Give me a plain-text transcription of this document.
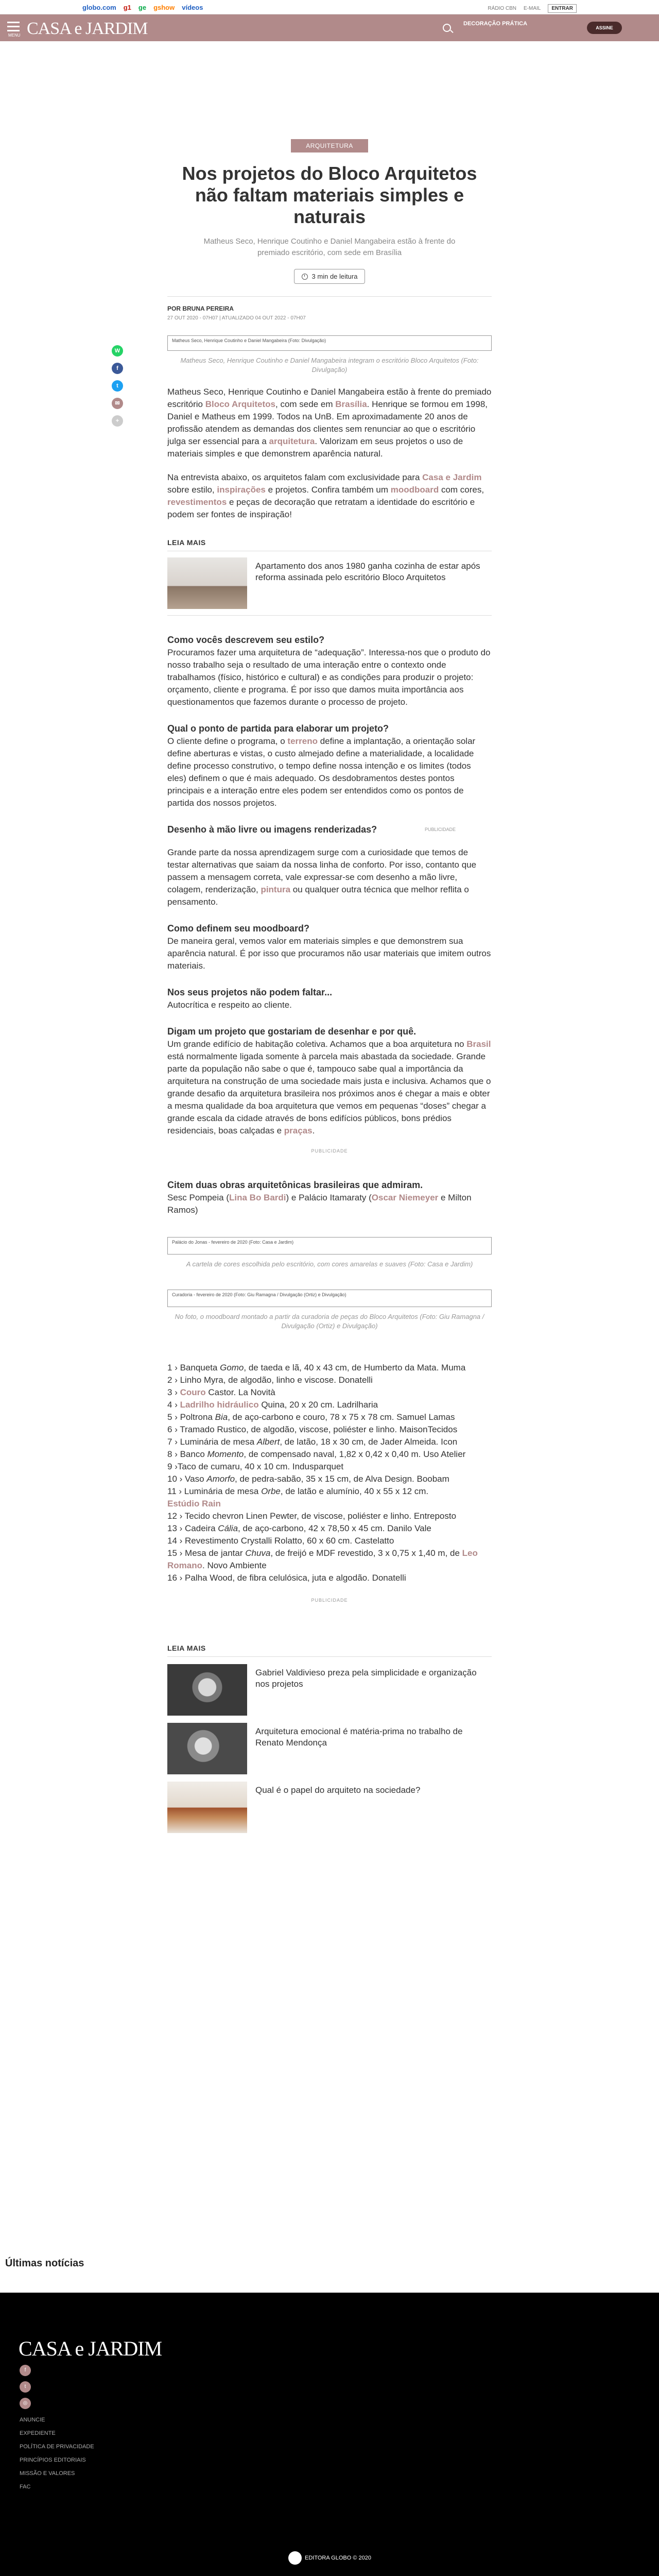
globo.com g1 ge gshow vídeos	RÁDIO CBN E-MAIL	ENTRAR
MENU CASA e JARDIM	DECORAÇÃO PRÁTICA
ASSINE
W
f
t
✉
+
ARQUITETURA
Nos projetos do Bloco Arquitetos não faltam materiais simples e naturais

Matheus Seco, Henrique Coutinho e Daniel Mangabeira estão à frente do premiado escritório, com sede em Brasília

3 min de leitura
POR BRUNA PEREIRA
27 OUT 2020 - 07H07 | ATUALIZADO 04 OUT 2022 - 07H07
Matheus Seco, Henrique Coutinho e Daniel Mangabeira (Foto: Divulgação)
Matheus Seco, Henrique Coutinho e Daniel Mangabeira integram o escritório Bloco Arquitetos (Foto: Divulgação)

Matheus Seco, Henrique Coutinho e Daniel Mangabeira estão à frente do premiado escritório Bloco Arquitetos, com sede em Brasília. Henrique se formou em 1998, Daniel e Matheus em 1999. Todos na UnB. Em aproximadamente 20 anos de profissão atendem as demandas dos clientes sem renunciar ao que o escritório julga ser essencial para a arquitetura. Valorizam em seus projetos o uso de materiais simples e que demonstrem aparência natural.

Na entrevista abaixo, os arquitetos falam com exclusividade para Casa e Jardim sobre estilo, inspirações e projetos. Confira também um moodboard com cores, revestimentos e peças de decoração que retratam a identidade do escritório e podem ser fontes de inspiração!

LEIA MAIS
Apartamento dos anos 1980 ganha cozinha de estar após reforma assinada pelo escritório Bloco Arquitetos
Como vocês descrevem seu estilo?

Procuramos fazer uma arquitetura de “adequação”. Interessa-nos que o produto do nosso trabalho seja o resultado de uma interação entre o contexto onde trabalhamos (físico, histórico e cultural) e as condições para produzir o projeto: orçamento, cliente e programa. É por isso que damos muita importância aos questionamentos que fazemos durante o processo de projeto.

Qual o ponto de partida para elaborar um projeto?

O cliente define o programa, o terreno define a implantação, a orientação solar define aberturas e vistas, o custo almejado define a materialidade, a localidade define processo construtivo, o tempo define nossa intenção e os limites (todos eles) definem o que é mais adequado. Os desdobramentos destes pontos principais e a interação entre eles podem ser entendidos como os pontos de partida dos nossos projetos.

Desenho à mão livre ou imagens renderizadas?	PUBLICIDADE

Grande parte da nossa aprendizagem surge com a curiosidade que temos de testar alternativas que saiam da nossa linha de conforto. Por isso, contanto que passem a mensagem correta, vale expressar-se com desenho a mão livre, colagem, renderização, pintura ou qualquer outra técnica que melhor reflita o pensamento.

Como definem seu moodboard?

De maneira geral, vemos valor em materiais simples e que demonstrem sua aparência natural. É por isso que procuramos não usar materiais que imitem outros materiais.

Nos seus projetos não podem faltar...

Autocrítica e respeito ao cliente.

Digam um projeto que gostariam de desenhar e por quê.

Um grande edifício de habitação coletiva. Achamos que a boa arquitetura no Brasil está normalmente ligada somente à parcela mais abastada da sociedade. Grande parte da população não sabe o que é, tampouco sabe qual a importância da arquitetura na construção de uma sociedade mais justa e inclusiva. Achamos que o grande desafio da arquitetura brasileira nos próximos anos é chegar a mais e obter a mesma qualidade da boa arquitetura que vemos em pequenas “doses” chegar a grande escala da cidade através de bons edifícios públicos, bons prédios residenciais, boas calçadas e praças.

PUBLICIDADE
Citem duas obras arquitetônicas brasileiras que admiram.

Sesc Pompeia (Lina Bo Bardi) e Palácio Itamaraty (Oscar Niemeyer e Milton Ramos)

Palácio do Jonas - fevereiro de 2020 (Foto: Casa e Jardim)
A cartela de cores escolhida pelo escritório, com cores amarelas e suaves (Foto: Casa e Jardim)
Curadoria - fevereiro de 2020 (Foto: Giu Ramagna / Divulgação (Ortiz) e Divulgação)
No foto, o moodboard montado a partir da curadoria de peças do Bloco Arquitetos (Foto: Giu Ramagna / Divulgação (Ortiz) e Divulgação)
1 › Banqueta Gomo, de taeda e lã, 40 x 43 cm, de Humberto da Mata. Muma
2 › Linho Myra, de algodão, linho e viscose. Donatelli
3 › Couro Castor. La Novità
4 › Ladrilho hidráulico Quina, 20 x 20 cm. Ladrilharia
5 › Poltrona Bia, de aço-carbono e couro, 78 x 75 x 78 cm. Samuel Lamas
6 › Tramado Rustico, de algodão, viscose, poliéster e linho. MaisonTecidos
7 › Luminária de mesa Albert, de latão, 18 x 30 cm, de Jader Almeida. Icon
8 › Banco Momento, de compensado naval, 1,82 x 0,42 x 0,40 m. Uso Atelier
9 ›Taco de cumaru, 40 x 10 cm. Indusparquet
10 › Vaso Amorfo, de pedra-sabão, 35 x 15 cm, de Alva Design. Boobam
11 › Luminária de mesa Orbe, de latão e alumínio, 40 x 55 x 12 cm.
Estúdio Rain
12 › Tecido chevron Linen Pewter, de viscose, poliéster e linho. Entreposto
13 › Cadeira Cália, de aço-carbono, 42 x 78,50 x 45 cm. Danilo Vale
14 › Revestimento Crystalli Rolatto, 60 x 60 cm. Castelatto
15 › Mesa de jantar Chuva, de freijó e MDF revestido, 3 x 0,75 x 1,40 m, de Leo Romano. Novo Ambiente
16 › Palha Wood, de fibra celulósica, juta e algodão. Donatelli
PUBLICIDADE
LEIA MAIS
Gabriel Valdivieso preza pela simplicidade e organização nos projetos
Arquitetura emocional é matéria-prima no trabalho de Renato Mendonça
Qual é o papel do arquiteto na sociedade?
Últimas notícias
CASA e JARDIM
f
t
◎
ANUNCIE
EXPEDIENTE
POLÍTICA DE PRIVACIDADE
PRINCÍPIOS EDITORIAIS
MISSÃO E VALORES
FAC
EDITORA GLOBO © 2020
